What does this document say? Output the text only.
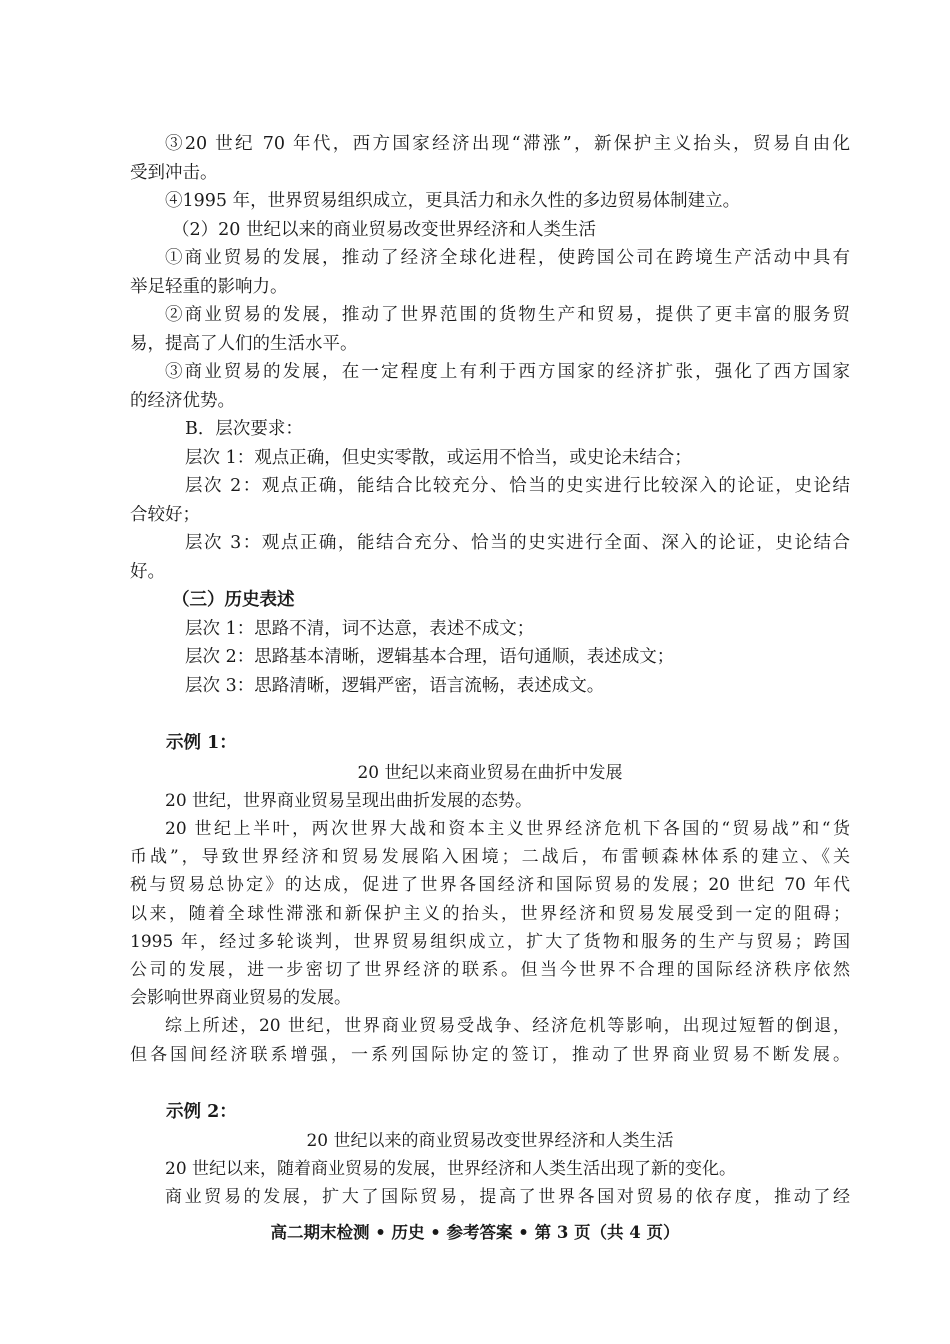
③20 世纪 70 年代，西方国家经济出现“滞涨”，新保护主义抬头，贸易自由化

受到冲击。

④1995 年，世界贸易组织成立，更具活力和永久性的多边贸易体制建立。

（2）20 世纪以来的商业贸易改变世界经济和人类生活

①商业贸易的发展，推动了经济全球化进程，使跨国公司在跨境生产活动中具有

举足轻重的影响力。

②商业贸易的发展，推动了世界范围的货物生产和贸易，提供了更丰富的服务贸

易，提高了人们的生活水平。

③商业贸易的发展，在一定程度上有利于西方国家的经济扩张，强化了西方国家

的经济优势。

B．层次要求：

层次 1：观点正确，但史实零散，或运用不恰当，或史论未结合；

层次 2：观点正确，能结合比较充分、恰当的史实进行比较深入的论证，史论结

合较好；

层次 3：观点正确，能结合充分、恰当的史实进行全面、深入的论证，史论结合

好。

（三）历史表述

层次 1：思路不清，词不达意，表述不成文；

层次 2：思路基本清晰，逻辑基本合理，语句通顺，表述成文；

层次 3：思路清晰，逻辑严密，语言流畅，表述成文。

示例 1：

20 世纪以来商业贸易在曲折中发展

20 世纪，世界商业贸易呈现出曲折发展的态势。

20 世纪上半叶，两次世界大战和资本主义世界经济危机下各国的“贸易战”和“货

币战”，导致世界经济和贸易发展陷入困境；二战后，布雷顿森林体系的建立、《关

税与贸易总协定》的达成，促进了世界各国经济和国际贸易的发展；20 世纪 70 年代

以来，随着全球性滞涨和新保护主义的抬头，世界经济和贸易发展受到一定的阻碍；

1995 年，经过多轮谈判，世界贸易组织成立，扩大了货物和服务的生产与贸易；跨国

公司的发展，进一步密切了世界经济的联系。但当今世界不合理的国际经济秩序依然

会影响世界商业贸易的发展。

综上所述，20 世纪，世界商业贸易受战争、经济危机等影响，出现过短暂的倒退，

但各国间经济联系增强，一系列国际协定的签订，推动了世界商业贸易不断发展。

示例 2：

20 世纪以来的商业贸易改变世界经济和人类生活

20 世纪以来，随着商业贸易的发展，世界经济和人类生活出现了新的变化。

商业贸易的发展，扩大了国际贸易，提高了世界各国对贸易的依存度，推动了经

高二期末检测 • 历史 • 参考答案 • 第 3 页（共 4 页）
